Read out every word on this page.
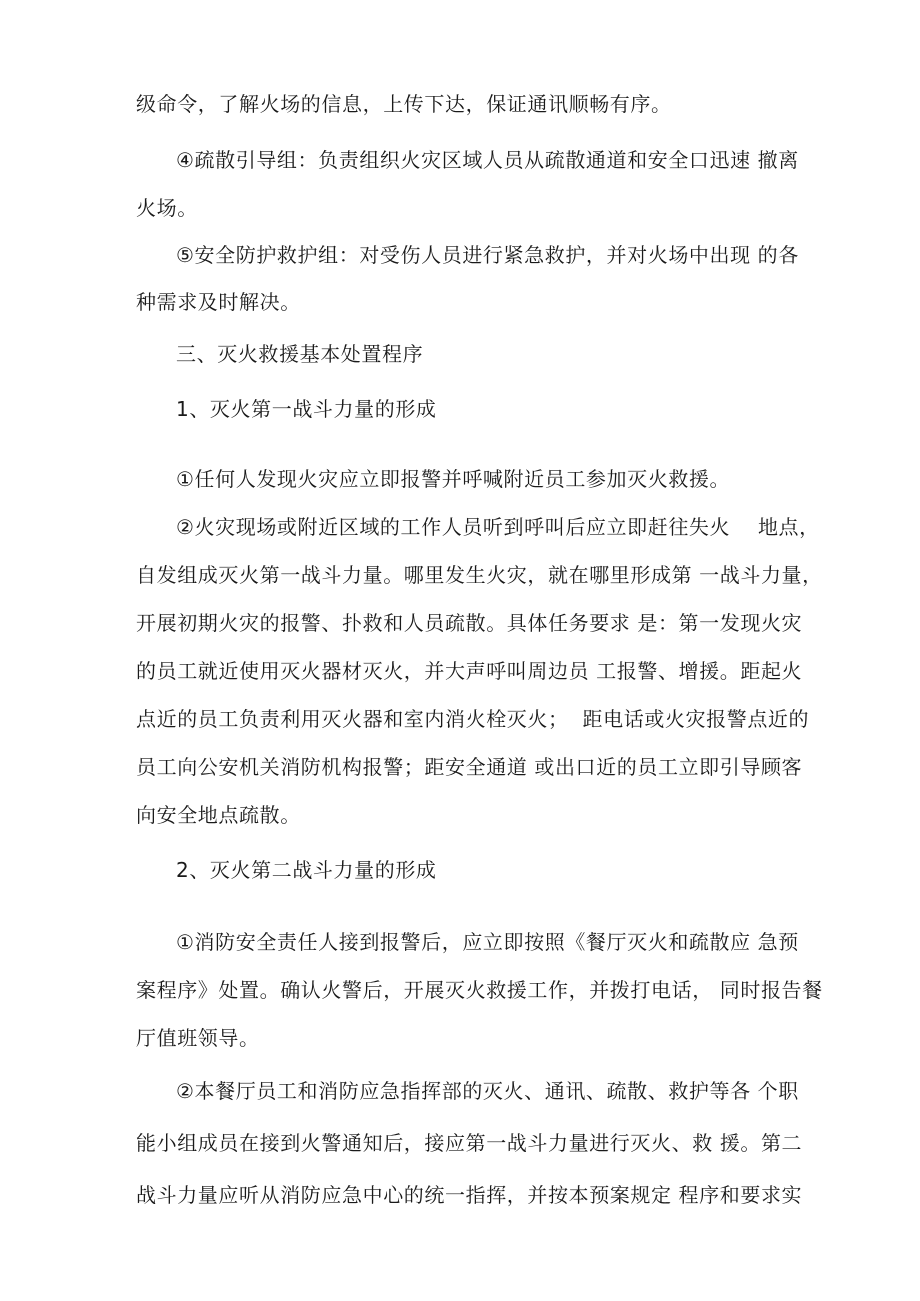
级命令，了解火场的信息，上传下达，保证通讯顺畅有序。
④疏散引导组：负责组织火灾区域人员从疏散通道和安全口迅速 撤离
火场。
⑤安全防护救护组：对受伤人员进行紧急救护，并对火场中出现 的各
种需求及时解决。
三、灭火救援基本处置程序
1、灭火第一战斗力量的形成
①任何人发现火灾应立即报警并呼喊附近员工参加灭火救援。
②火灾现场或附近区域的工作人员听到呼叫后应立即赶往失火    地点，
自发组成灭火第一战斗力量。哪里发生火灾，就在哪里形成第 一战斗力量，
开展初期火灾的报警、扑救和人员疏散。具体任务要求 是：第一发现火灾
的员工就近使用灭火器材灭火，并大声呼叫周边员 工报警、增援。距起火
点近的员工负责利用灭火器和室内消火栓灭火；  距电话或火灾报警点近的
员工向公安机关消防机构报警；距安全通道 或出口近的员工立即引导顾客
向安全地点疏散。
2、灭火第二战斗力量的形成
①消防安全责任人接到报警后，应立即按照《餐厅灭火和疏散应 急预
案程序》处置。确认火警后，开展灭火救援工作，并拨打电话， 同时报告餐
厅值班领导。
②本餐厅员工和消防应急指挥部的灭火、通讯、疏散、救护等各 个职
能小组成员在接到火警通知后，接应第一战斗力量进行灭火、救 援。第二
战斗力量应听从消防应急中心的统一指挥，并按本预案规定 程序和要求实
